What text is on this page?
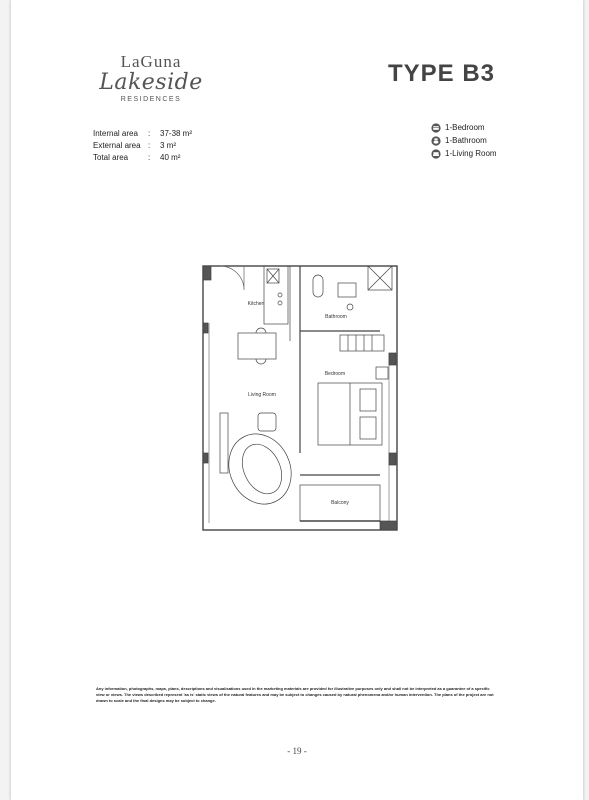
LaGuna
Lakeside
RESIDENCES
TYPE B3
Internal area : 37-38 m²
External area : 3 m²
Total area : 40 m²
1-Bedroom
1-Bathroom
1-Living Room
Kitchen
Bathroom
Bedroom
Living Room
Balcony
Any information, photographs, maps, plans, descriptions and visualisations used in the marketing materials are provided for illustrative purposes only and shall not be interpreted as a guarantee of a specific view or views. The views described represent 'as is' static views of the natural features and may be subject to changes caused by natural phenomena and/or human intervention. The plans of the project are not drawn to scale and the final designs may be subject to change.
- 19 -
